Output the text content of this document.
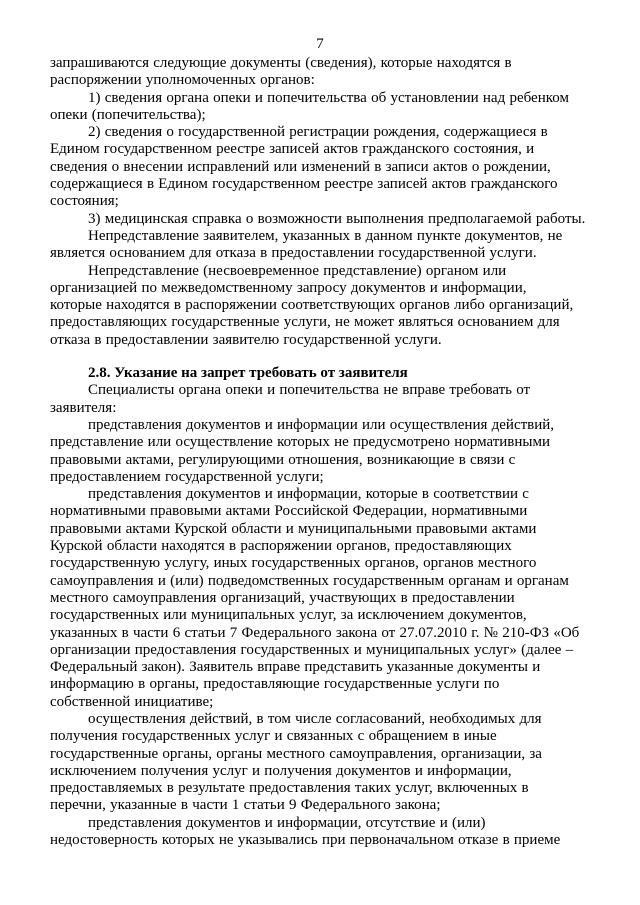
7

запрашиваются следующие документы (сведения), которые находятся в
распоряжении уполномоченных органов:

1) сведения органа опеки и попечительства об установлении над ребенком
опеки (попечительства);

2) сведения о государственной регистрации рождения, содержащиеся в
Едином государственном реестре записей актов гражданского состояния, и
сведения о внесении исправлений или изменений в записи актов о рождении,
содержащиеся в Едином государственном реестре записей актов гражданского
состояния;

3) медицинская справка о возможности выполнения предполагаемой работы.

Непредставление заявителем, указанных в данном пункте документов, не
является основанием для отказа в предоставлении государственной услуги.

Непредставление (несвоевременное представление) органом или
организацией по межведомственному запросу документов и информации,
которые находятся в распоряжении соответствующих органов либо организаций,
предоставляющих государственные услуги, не может являться основанием для
отказа в предоставлении заявителю государственной услуги.

2.8. Указание на запрет требовать от заявителя

Специалисты органа опеки и попечительства не вправе требовать от
заявителя:

представления документов и информации или осуществления действий,
представление или осуществление которых не предусмотрено нормативными
правовыми актами, регулирующими отношения, возникающие в связи с
предоставлением государственной услуги;

представления документов и информации, которые в соответствии с
нормативными правовыми актами Российской Федерации, нормативными
правовыми актами Курской области и муниципальными правовыми актами
Курской области находятся в распоряжении органов, предоставляющих
государственную услугу, иных государственных органов, органов местного
самоуправления и (или) подведомственных государственным органам и органам
местного самоуправления организаций, участвующих в предоставлении
государственных или муниципальных услуг, за исключением документов,
указанных в части 6 статьи 7 Федерального закона от 27.07.2010 г. № 210-ФЗ «Об
организации предоставления государственных и муниципальных услуг» (далее –
Федеральный закон). Заявитель вправе представить указанные документы и
информацию в органы, предоставляющие государственные услуги по
собственной инициативе;

осуществления действий, в том числе согласований, необходимых для
получения государственных услуг и связанных с обращением в иные
государственные органы, органы местного самоуправления, организации, за
исключением получения услуг и получения документов и информации,
предоставляемых в результате предоставления таких услуг, включенных в
перечни, указанные в части 1 статьи 9 Федерального закона;

представления документов и информации, отсутствие и (или)
недостоверность которых не указывались при первоначальном отказе в приеме
